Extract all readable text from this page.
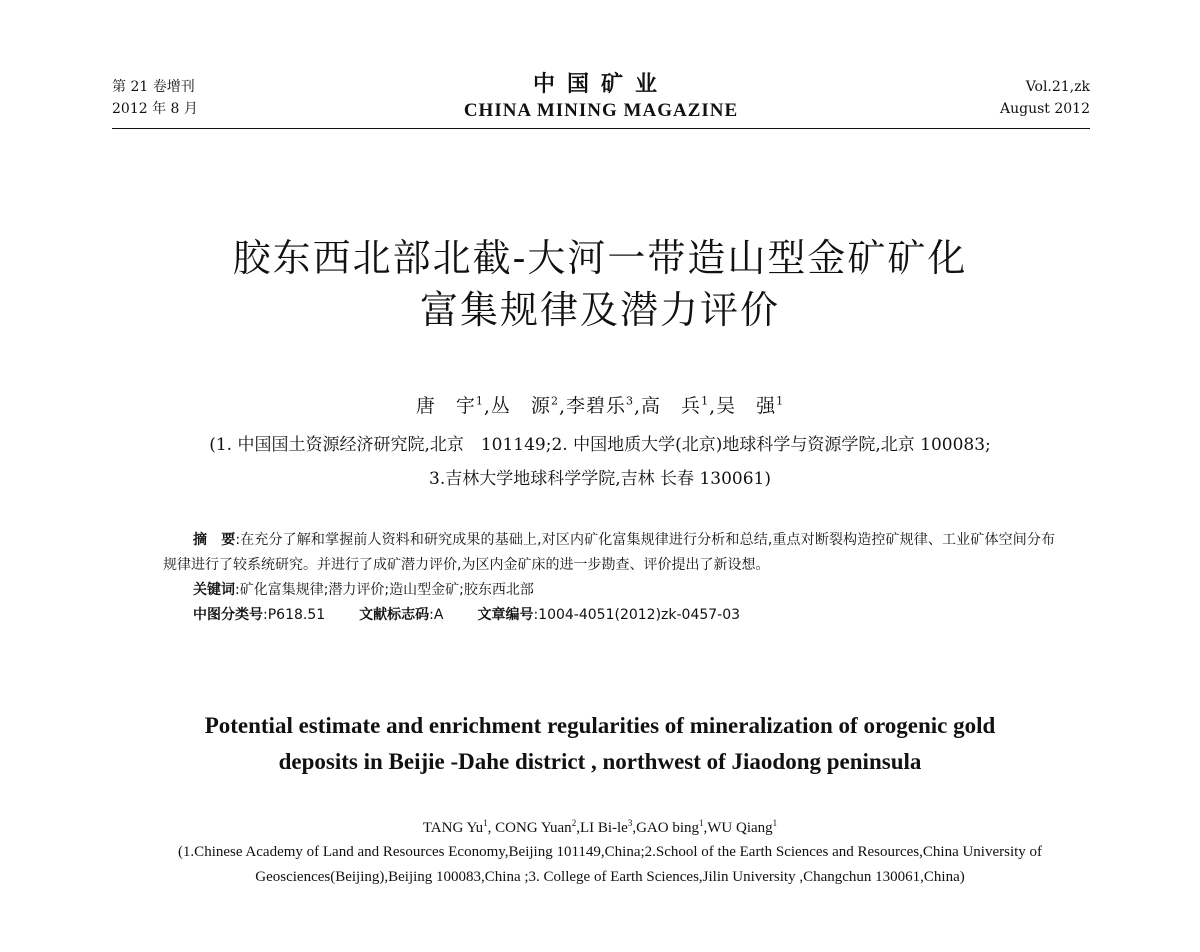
第 21 卷增刊
2012 年 8 月
中国矿业
CHINA MINING MAGAZINE
Vol.21,zk
August 2012
胶东西北部北截-大河一带造山型金矿矿化
富集规律及潜力评价
唐　宇$^1$,丛　源$^2$,李碧乐$^3$,高　兵$^1$,吴　强$^1$
(1. 中国国土资源经济研究院,北京　101149;2. 中国地质大学(北京)地球科学与资源学院,北京 100083;
3.吉林大学地球科学学院,吉林 长春 130061)
摘　要:在充分了解和掌握前人资料和研究成果的基础上,对区内矿化富集规律进行分析和总结,重点对断裂构造控矿规律、工业矿体空间分布规律进行了较系统研究。并进行了成矿潜力评价,为区内金矿床的进一步勘查、评价提出了新设想。
关键词:矿化富集规律;潜力评价;造山型金矿;胶东西北部
中图分类号:P618.51 文献标志码:A 文章编号:1004-4051(2012)zk-0457-03
Potential estimate and enrichment regularities of mineralization of orogenic gold
deposits in Beijie -Dahe district , northwest of Jiaodong peninsula
TANG Yu$^1$, CONG Yuan$^2$,LI $Bi-le^3,GAO$ bing$^1$,WU Qiang$^1$
(1.Chinese Academy of Land and Resources Economy,Beijing 101149,China;2.School of the Earth Sciences and Resources,China University of Geosciences(Beijing),Beijing 100083,China ;3. College of Earth Sciences,Jilin University ,Changchun 130061,China)
